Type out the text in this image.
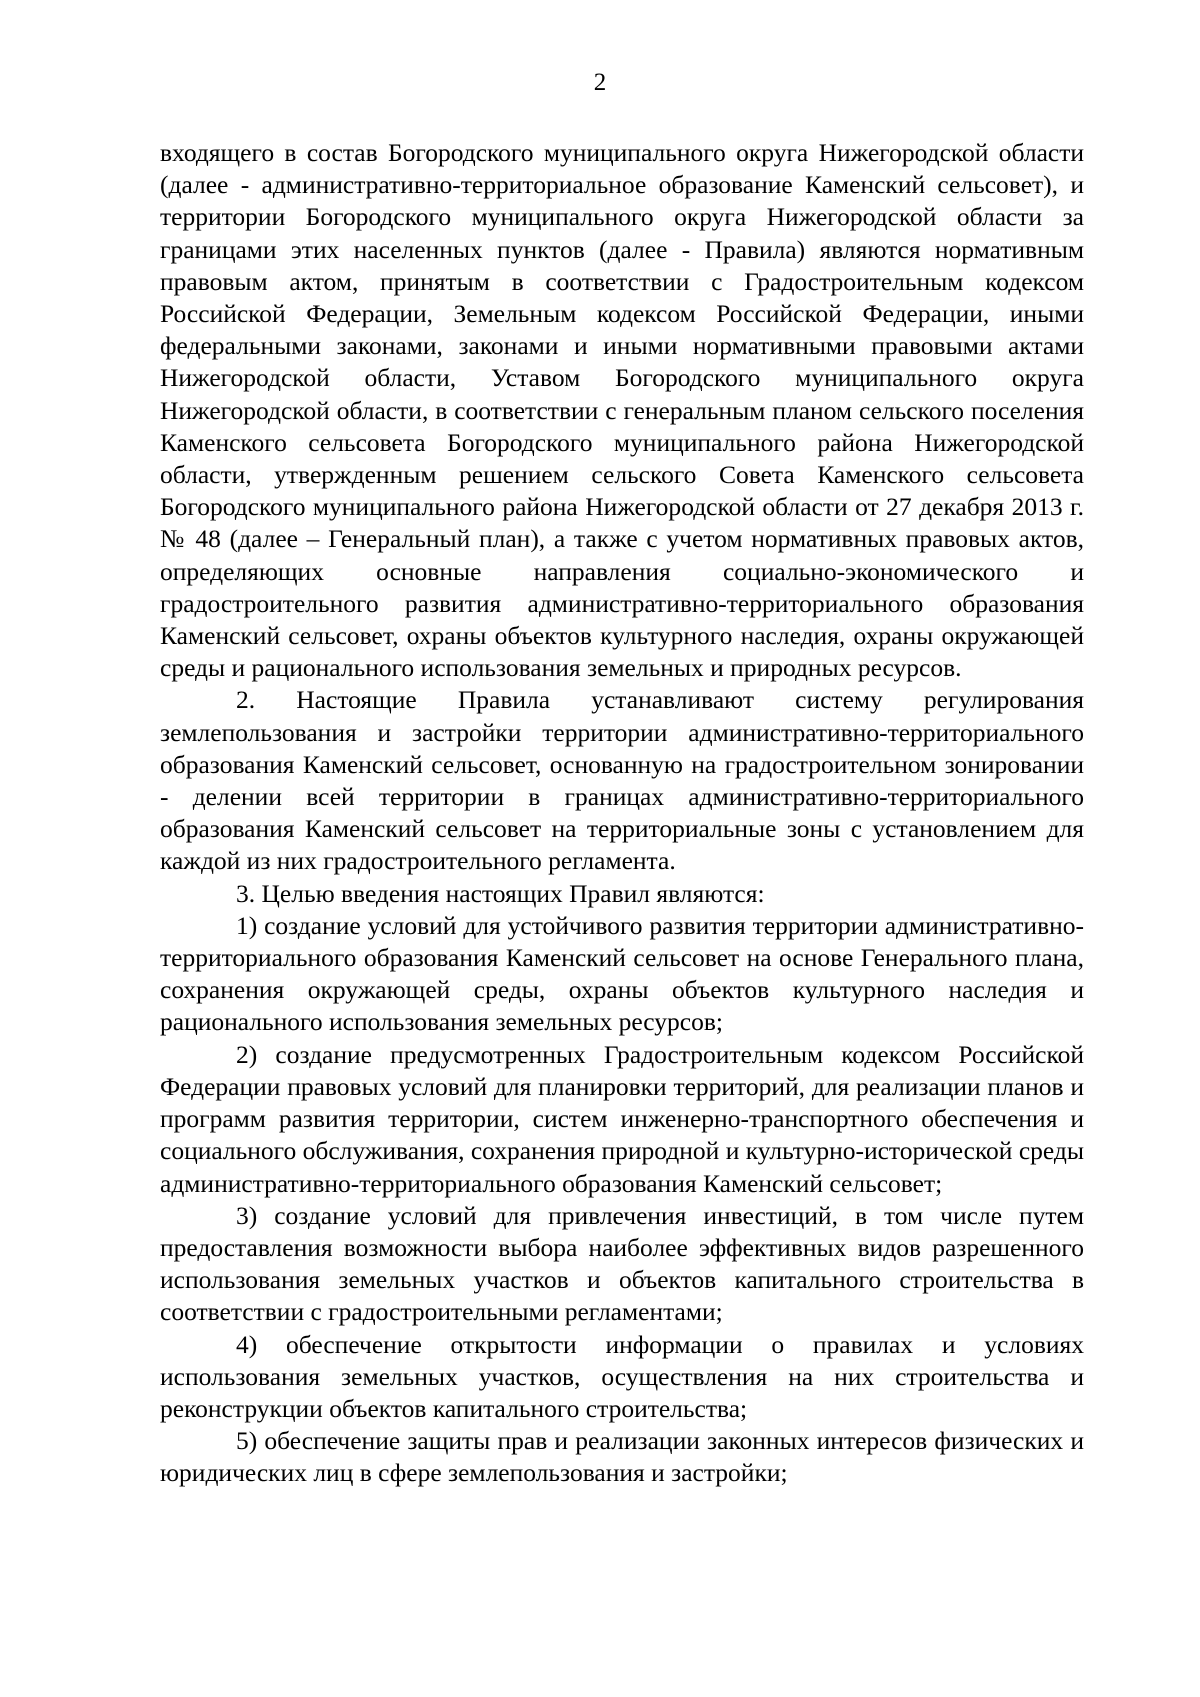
2

входящего в состав Богородского муниципального округа Нижегородской области (далее - административно-территориальное образование Каменский сельсовет), и территории Богородского муниципального округа Нижегородской области за границами этих населенных пунктов (далее - Правила) являются нормативным правовым актом, принятым в соответствии с Градостроительным кодексом Российской Федерации, Земельным кодексом Российской Федерации, иными федеральными законами, законами и иными нормативными правовыми актами Нижегородской области, Уставом Богородского муниципального округа Нижегородской области, в соответствии с генеральным планом сельского поселения Каменского сельсовета Богородского муниципального района Нижегородской области, утвержденным решением сельского Совета Каменского сельсовета Богородского муниципального района Нижегородской области от 27 декабря 2013 г. № 48 (далее – Генеральный план), а также с учетом нормативных правовых актов, определяющих основные направления социально-экономического и градостроительного развития административно-территориального образования Каменский сельсовет, охраны объектов культурного наследия, охраны окружающей среды и рационального использования земельных и природных ресурсов.

2. Настоящие Правила устанавливают систему регулирования землепользования и застройки территории административно-территориального образования Каменский сельсовет, основанную на градостроительном зонировании - делении всей территории в границах административно-территориального образования Каменский сельсовет на территориальные зоны с установлением для каждой из них градостроительного регламента.

3. Целью введения настоящих Правил являются:

1) создание условий для устойчивого развития территории административно-территориального образования Каменский сельсовет на основе Генерального плана, сохранения окружающей среды, охраны объектов культурного наследия и рационального использования земельных ресурсов;

2) создание предусмотренных Градостроительным кодексом Российской Федерации правовых условий для планировки территорий, для реализации планов и программ развития территории, систем инженерно-транспортного обеспечения и социального обслуживания, сохранения природной и культурно-исторической среды административно-территориального образования Каменский сельсовет;

3) создание условий для привлечения инвестиций, в том числе путем предоставления возможности выбора наиболее эффективных видов разрешенного использования земельных участков и объектов капитального строительства в соответствии с градостроительными регламентами;

4) обеспечение открытости информации о правилах и условиях использования земельных участков, осуществления на них строительства и реконструкции объектов капитального строительства;

5) обеспечение защиты прав и реализации законных интересов физических и юридических лиц в сфере землепользования и застройки;
